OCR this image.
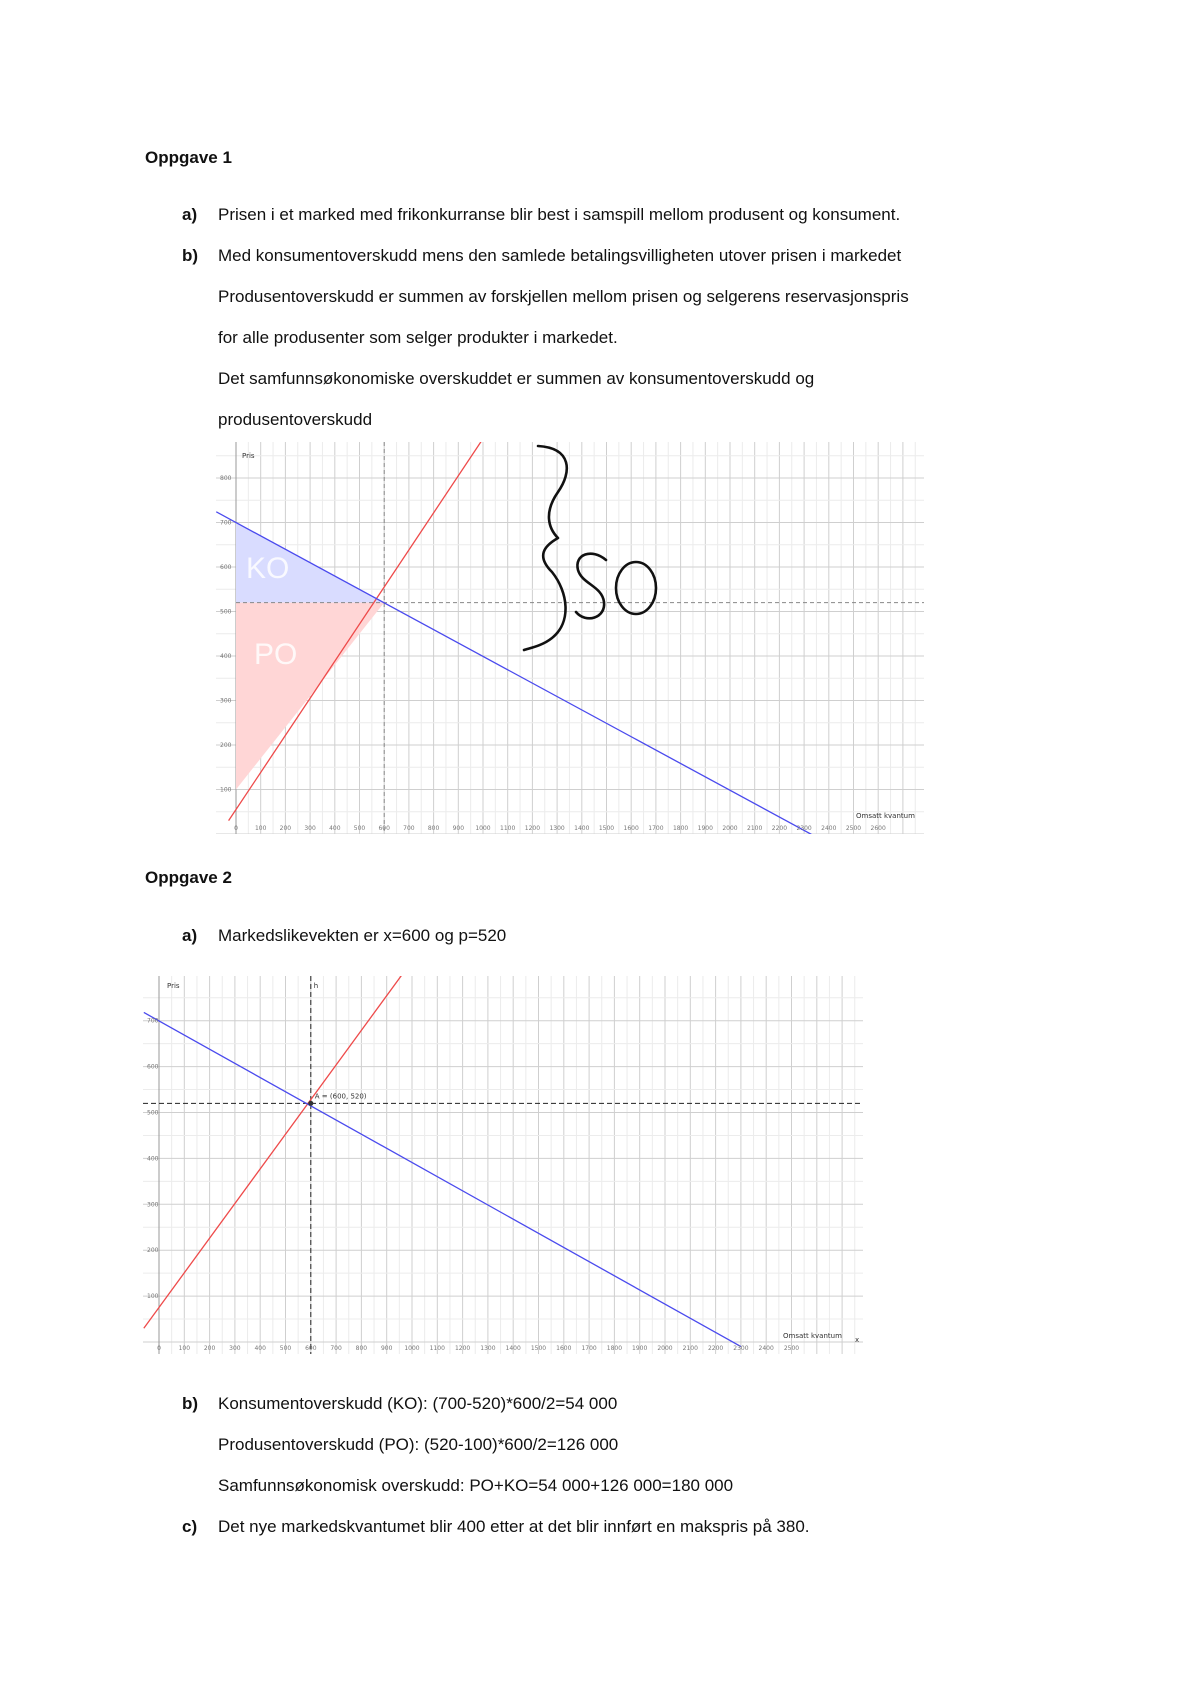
Oppgave 1
a) Prisen i et marked med frikonkurranse blir best i samspill mellom produsent og konsument.
b) Med konsumentoverskudd mens den samlede betalingsvilligheten utover prisen i markedet
Produsentoverskudd er summen av forskjellen mellom prisen og selgerens reservasjonspris
for alle produsenter som selger produkter i markedet.
Det samfunnsøkonomiske overskuddet er summen av konsumentoverskudd og
produsentoverskudd
KO
PO
Pris
Omsatt kvantum
0	100 200 300 400 500 600 700 800 900 1000 1100 1200 1300 1400 1500 1600 1700 1800 1900 2000 2100 2200 2300 2400 2500 2600
800
700
600
500
400
300
200
100
SO
Oppgave 2
a) Markedslikevekten er x=600 og p=520
A = (600, 520)
Pris	h
Omsatt kvantum x
0	100 200 300 400 500 600 700 800 900 1000 1100 1200 1300 1400 1500 1600 1700 1800 1900 2000 2100 2200 2300 2400 2500
700
600
500
400
300
200
100
b) Konsumentoverskudd (KO): (700-520)*600/2=54 000
Produsentoverskudd (PO): (520-100)*600/2=126 000
Samfunnsøkonomisk overskudd: PO+KO=54 000+126 000=180 000
c) Det nye markedskvantumet blir 400 etter at det blir innført en makspris på 380.
